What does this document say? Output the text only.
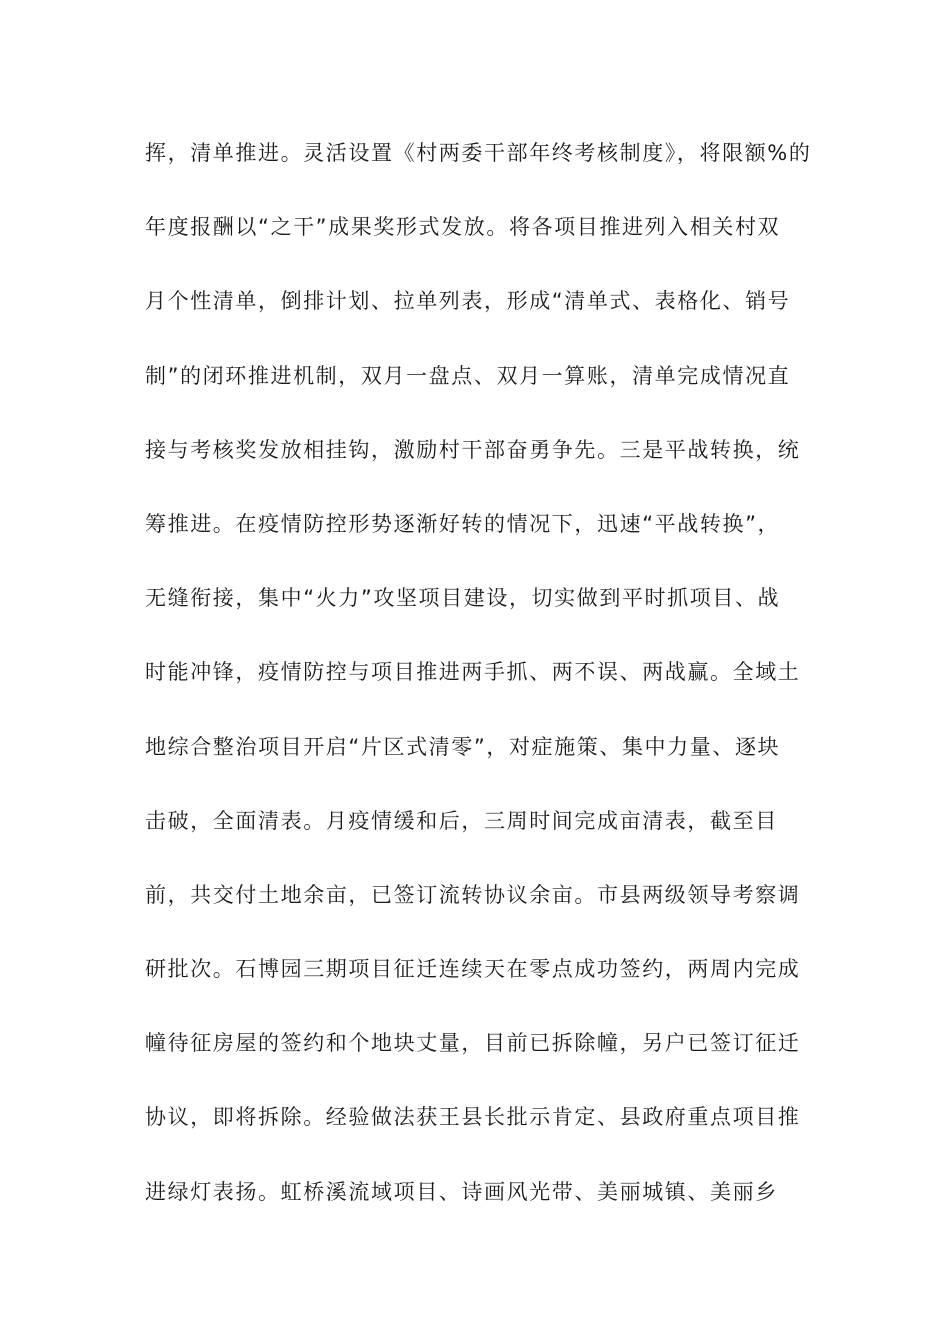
挥，清单推进。灵活设置《村两委干部年终考核制度》，将限额%的
年度报酬以“之干”成果奖形式发放。将各项目推进列入相关村双
月个性清单，倒排计划、拉单列表，形成“清单式、表格化、销号
制”的闭环推进机制，双月一盘点、双月一算账，清单完成情况直
接与考核奖发放相挂钩，激励村干部奋勇争先。三是平战转换，统
筹推进。在疫情防控形势逐渐好转的情况下，迅速“平战转换”，
无缝衔接，集中“火力”攻坚项目建设，切实做到平时抓项目、战
时能冲锋，疫情防控与项目推进两手抓、两不误、两战赢。全域土
地综合整治项目开启“片区式清零”，对症施策、集中力量、逐块
击破，全面清表。月疫情缓和后，三周时间完成亩清表，截至目
前，共交付土地余亩，已签订流转协议余亩。市县两级领导考察调
研批次。石博园三期项目征迁连续天在零点成功签约，两周内完成
幢待征房屋的签约和个地块丈量，目前已拆除幢，另户已签订征迁
协议，即将拆除。经验做法获王县长批示肯定、县政府重点项目推
进绿灯表扬。虹桥溪流域项目、诗画风光带、美丽城镇、美丽乡
